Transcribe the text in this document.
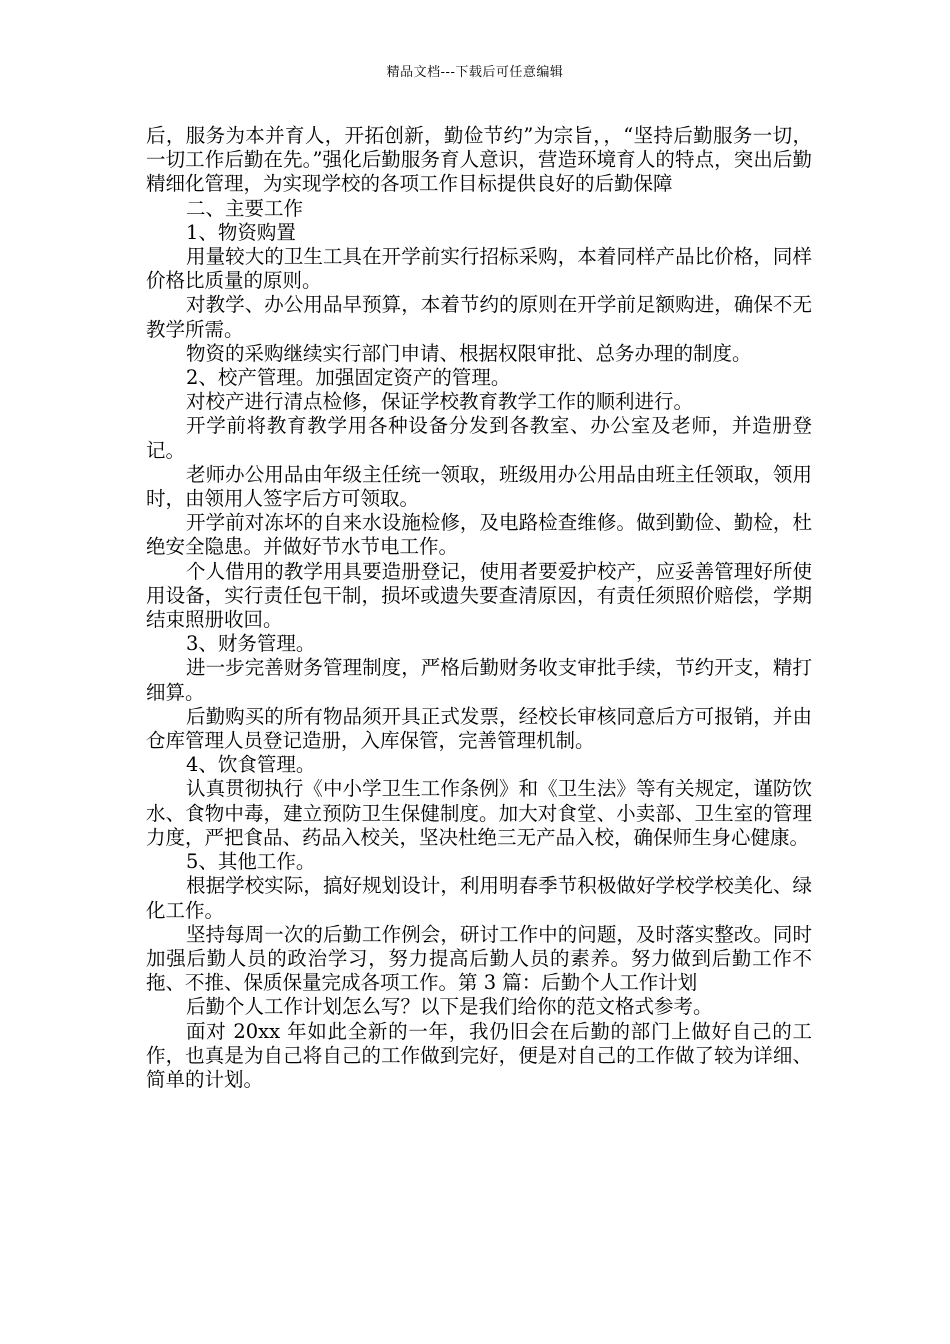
精品文档---下载后可任意编辑

后，服务为本并育人，开拓创新，勤俭节约”为宗旨，，“坚持后勤服务一切，一切工作后勤在先。”强化后勤服务育人意识，营造环境育人的特点，突出后勤精细化管理，为实现学校的各项工作目标提供良好的后勤保障

二、主要工作

1、物资购置

用量较大的卫生工具在开学前实行招标采购，本着同样产品比价格，同样价格比质量的原则。

对教学、办公用品早预算，本着节约的原则在开学前足额购进，确保不无教学所需。

物资的采购继续实行部门申请、根据权限审批、总务办理的制度。

2、校产管理。加强固定资产的管理。

对校产进行清点检修，保证学校教育教学工作的顺利进行。

开学前将教育教学用各种设备分发到各教室、办公室及老师，并造册登记。

老师办公用品由年级主任统一领取，班级用办公用品由班主任领取，领用时，由领用人签字后方可领取。

开学前对冻坏的自来水设施检修，及电路检查维修。做到勤俭、勤检，杜绝安全隐患。并做好节水节电工作。

个人借用的教学用具要造册登记，使用者要爱护校产，应妥善管理好所使用设备，实行责任包干制，损坏或遗失要查清原因，有责任须照价赔偿，学期结束照册收回。

3、财务管理。

进一步完善财务管理制度，严格后勤财务收支审批手续，节约开支，精打细算。

后勤购买的所有物品须开具正式发票，经校长审核同意后方可报销，并由仓库管理人员登记造册，入库保管，完善管理机制。

4、饮食管理。

认真贯彻执行《中小学卫生工作条例》和《卫生法》等有关规定，谨防饮水、食物中毒，建立预防卫生保健制度。加大对食堂、小卖部、卫生室的管理力度，严把食品、药品入校关，坚决杜绝三无产品入校，确保师生身心健康。

5、其他工作。

根据学校实际，搞好规划设计，利用明春季节积极做好学校学校美化、绿化工作。

坚持每周一次的后勤工作例会，研讨工作中的问题，及时落实整改。同时加强后勤人员的政治学习，努力提高后勤人员的素养。努力做到后勤工作不拖、不推、保质保量完成各项工作。第 3 篇：后勤个人工作计划

后勤个人工作计划怎么写？以下是我们给你的范文格式参考。

面对 20xx 年如此全新的一年，我仍旧会在后勤的部门上做好自己的工作，也真是为自己将自己的工作做到完好，便是对自己的工作做了较为详细、简单的计划。
